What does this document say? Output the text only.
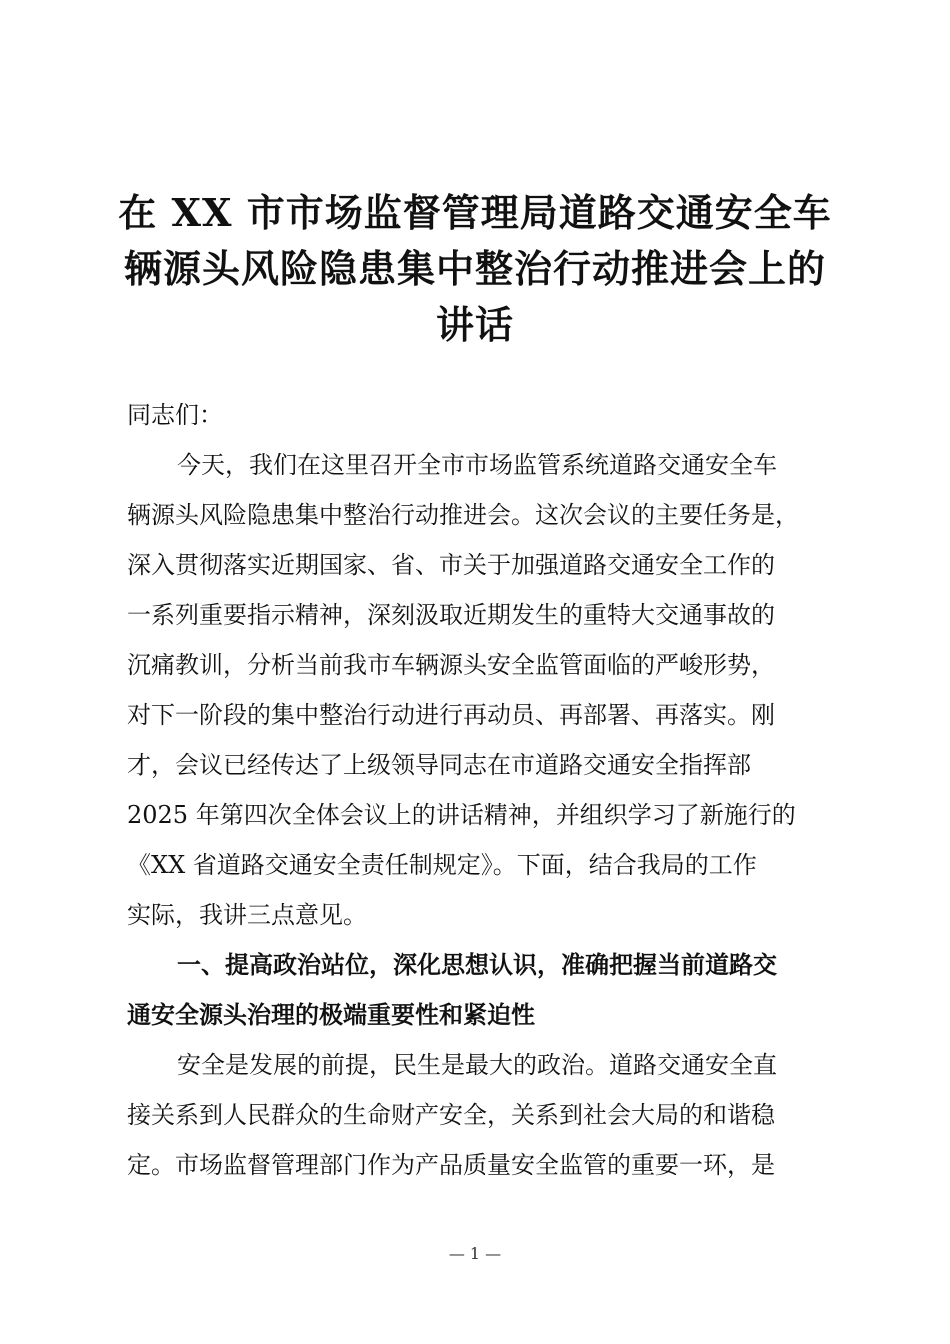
在 XX 市市场监督管理局道路交通安全车
辆源头风险隐患集中整治行动推进会上的
讲话
同志们：
今天，我们在这里召开全市市场监管系统道路交通安全车
辆源头风险隐患集中整治行动推进会。这次会议的主要任务是，
深入贯彻落实近期国家、省、市关于加强道路交通安全工作的
一系列重要指示精神，深刻汲取近期发生的重特大交通事故的
沉痛教训，分析当前我市车辆源头安全监管面临的严峻形势，
对下一阶段的集中整治行动进行再动员、再部署、再落实。刚
才，会议已经传达了上级领导同志在市道路交通安全指挥部
2025 年第四次全体会议上的讲话精神，并组织学习了新施行的
《XX 省道路交通安全责任制规定》。下面，结合我局的工作
实际，我讲三点意见。
一、提高政治站位，深化思想认识，准确把握当前道路交
通安全源头治理的极端重要性和紧迫性
安全是发展的前提，民生是最大的政治。道路交通安全直
接关系到人民群众的生命财产安全，关系到社会大局的和谐稳
定。市场监督管理部门作为产品质量安全监管的重要一环，是
— 1 —
